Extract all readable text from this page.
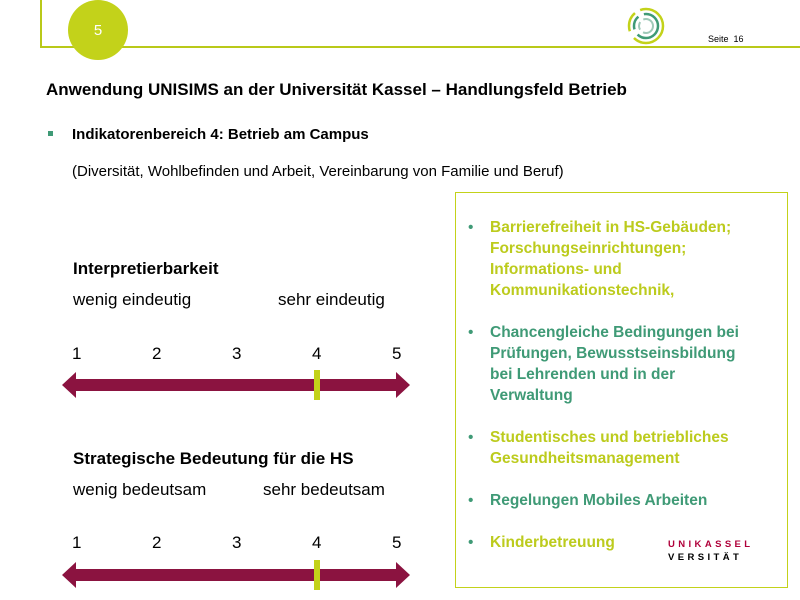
5
Seite 16
Anwendung UNISIMS an der Universität Kassel – Handlungsfeld Betrieb
Indikatorenbereich 4: Betrieb am Campus
(Diversität, Wohlbefinden und Arbeit, Vereinbarung von Familie und Beruf)
Interpretierbarkeit
wenig eindeutig	sehr eindeutig
1	2	3	4	5
Strategische Bedeutung für die HS
wenig bedeutsam	sehr bedeutsam
1	2	3	4	5
• Barrierefreiheit in HS-Gebäuden;
Forschungseinrichtungen;
Informations- und
Kommunikationstechnik,
• Chancengleiche Bedingungen bei
Prüfungen, Bewusstseinsbildung
bei Lehrenden und in der
Verwaltung
• Studentisches und betriebliches
Gesundheitsmanagement
• Regelungen Mobiles Arbeiten
• Kinderbetreuung	UNIKASSEL
VERSITÄT
